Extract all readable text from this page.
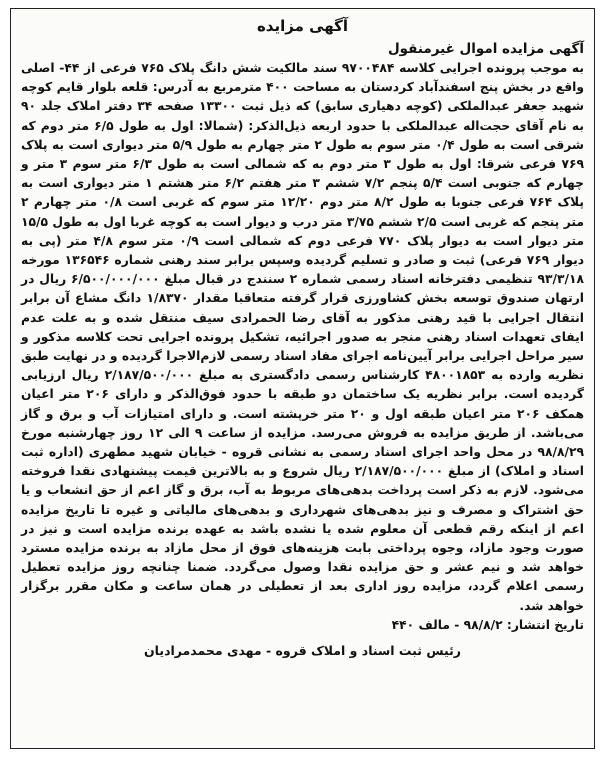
آگهی مزایده
آگهی مزایده اموال غیرمنقول
به موجب پرونده اجرایی کلاسه ۹۷۰۰۴۸۴ سند مالکیت شش دانگ پلاک ۷۶۵ فرعی از ۴۴- اصلی واقع در بخش پنج اسفندآباد کردستان به مساحت ۴۰۰ مترمربع به آدرس: قلعه بلوار قایم کوچه شهید جعفر عبدالملکی (کوچه دهیاری سابق) که ذیل ثبت ۱۳۳۰۰ صفحه ۳۴ دفتر املاک جلد ۹۰ به نام آقای حجت‌اله عبدالملکی با حدود اربعه ذیل‌الذکر: (شمالا: اول به طول ۶/۵ متر دوم که شرقی است به طول ۰/۴ متر سوم به طول ۲ متر چهارم به طول ۵/۹ متر دیواری است به پلاک ۷۶۹ فرعی شرقا: اول به طول ۳ متر دوم به که شمالی است به طول ۶/۳ متر سوم ۳ متر و چهارم که جنوبی است ۵/۴ پنجم ۷/۲ ششم ۳ متر هفتم ۶/۲ متر هشتم ۱ متر دیواری است به پلاک ۷۶۴ فرعی جنوبا به طول ۸/۲ متر دوم ۱۲/۲۰ متر سوم که غربی است ۰/۸ متر چهارم ۲ متر پنجم که غربی است ۲/۵ ششم ۳/۷۵ متر درب و دیوار است به کوچه غربا اول به طول ۱۵/۵ متر دیوار است به دیوار پلاک ۷۷۰ فرعی دوم که شمالی است ۰/۹ متر سوم ۴/۸ متر (پی به دیوار ۷۶۹ فرعی) ثبت و صادر و تسلیم گردیده وسپس برابر سند رهنی شماره ۱۳۶۵۴۶ مورخه ۹۳/۳/۱۸ تنظیمی دفترخانه اسناد رسمی شماره ۲ سنندج در قبال مبلغ ۶/۵۰۰/۰۰۰/۰۰۰ ریال در ارتهان صندوق توسعه بخش کشاورزی قرار گرفته متعاقبا مقدار ۱/۸۳۷۰ دانگ مشاع آن برابر انتقال اجرایی با قید رهنی مذکور به آقای رضا الحمرادی سیف منتقل شده و به علت عدم ایفای تعهدات اسناد رهنی منجر به صدور اجرائیه، تشکیل پرونده اجرایی تحت کلاسه مذکور و سیر مراحل اجرایی برابر آیین‌نامه اجرای مفاد اسناد رسمی لازم‌الاجرا گردیده و در نهایت طبق نظریه وارده به ۴۸۰۰۱۸۵۳ کارشناس رسمی دادگستری به مبلغ ۲/۱۸۷/۵۰۰/۰۰۰ ریال ارزیابی گردیده است. برابر نظریه یک ساختمان دو طبقه با حدود فوق‌الذکر و دارای ۲۰۶ متر اعیان همکف ۲۰۶ متر اعیان طبقه اول و ۲۰ متر خرپشته است. و دارای امتیازات آب و برق و گاز می‌باشد. از طریق مزایده به فروش می‌رسد. مزایده از ساعت ۹ الی ۱۲ روز چهارشنبه مورخ ۹۸/۸/۲۹ در محل واحد اجرای اسناد رسمی به نشانی قروه - خیابان شهید مطهری (اداره ثبت اسناد و املاک) از مبلغ ۲/۱۸۷/۵۰۰/۰۰۰ ریال شروع و به بالاترین قیمت پیشنهادی نقدا فروخته می‌شود. لازم به ذکر است پرداخت بدهی‌های مربوط به آب، برق و گاز اعم از حق انشعاب و یا حق اشتراک و مصرف و نیز بدهی‌های شهرداری و بدهی‌های مالیاتی و غیره تا تاریخ مزایده اعم از اینکه رقم قطعی آن معلوم شده یا نشده باشد به عهده برنده مزایده است و نیز در صورت وجود مازاد، وجوه پرداختی بابت هزینه‌های فوق از محل مازاد به برنده مزایده مسترد خواهد شد و نیم عشر و حق مزایده نقدا وصول می‌گردد. ضمنا چنانچه روز مزایده تعطیل رسمی اعلام گردد، مزایده روز اداری بعد از تعطیلی در همان ساعت و مکان مقرر برگزار خواهد شد.
تاریخ انتشار: ۹۸/۸/۲ - مالف ۴۴۰
رئیس ثبت اسناد و املاک قروه - مهدی محمدمرادیان
